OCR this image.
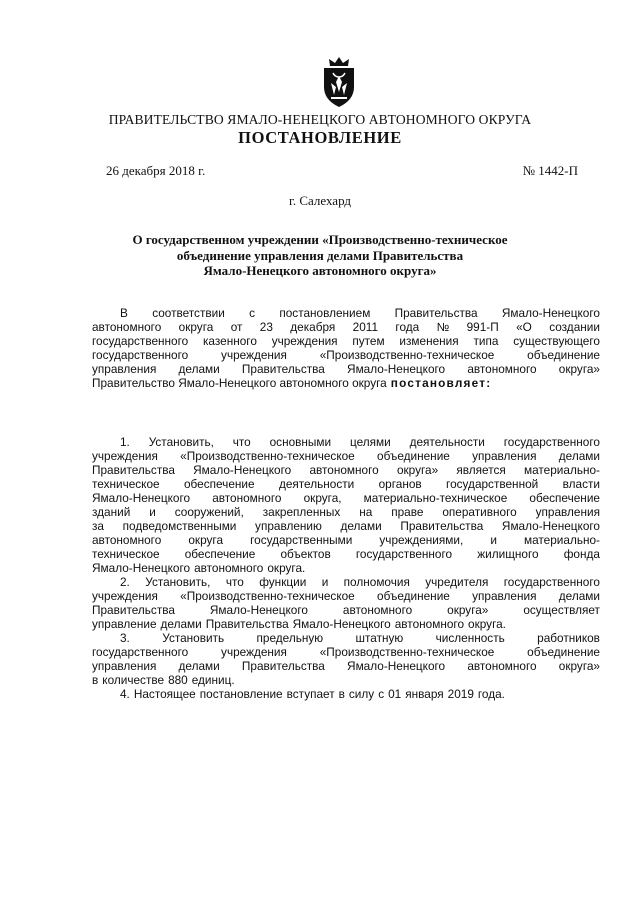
ПРАВИТЕЛЬСТВО ЯМАЛО-НЕНЕЦКОГО АВТОНОМНОГО ОКРУГА
ПОСТАНОВЛЕНИЕ
26 декабря 2018 г.	№ 1442-П
г. Салехард
О государственном учреждении «Производственно-техническое
объединение управления делами Правительства
Ямало-Ненецкого автономного округа»
В соответствии с постановлением Правительства Ямало-Ненецкого
автономного округа от 23 декабря 2011 года № 991-П «О создании
государственного казенного учреждения путем изменения типа существующего
государственного	учреждения	«Производственно-техническое	объединение
управления делами Правительства Ямало-Ненецкого автономного округа»
Правительство Ямало-Ненецкого автономного округа постановляет:
1. Установить, что основными целями деятельности государственного
учреждения «Производственно-техническое объединение управления делами
Правительства Ямало-Ненецкого автономного округа» является материально-
техническое обеспечение деятельности органов государственной власти
Ямало-Ненецкого автономного округа, материально-техническое обеспечение
зданий и сооружений, закрепленных на праве оперативного управления
за подведомственными управлению делами Правительства Ямало-Ненецкого
автономного округа государственными учреждениями, и материально-
техническое обеспечение объектов государственного жилищного фонда
Ямало-Ненецкого автономного округа.
2. Установить, что функции и полномочия учредителя государственного
учреждения «Производственно-техническое объединение управления делами
Правительства	Ямало-Ненецкого	автономного	округа»	осуществляет
управление делами Правительства Ямало-Ненецкого автономного округа.
3.	Установить	предельную	штатную	численность	работников
государственного	учреждения	«Производственно-техническое	объединение
управления делами Правительства Ямало-Ненецкого автономного округа»
в количестве 880 единиц.
4. Настоящее постановление вступает в силу с 01 января 2019 года.
